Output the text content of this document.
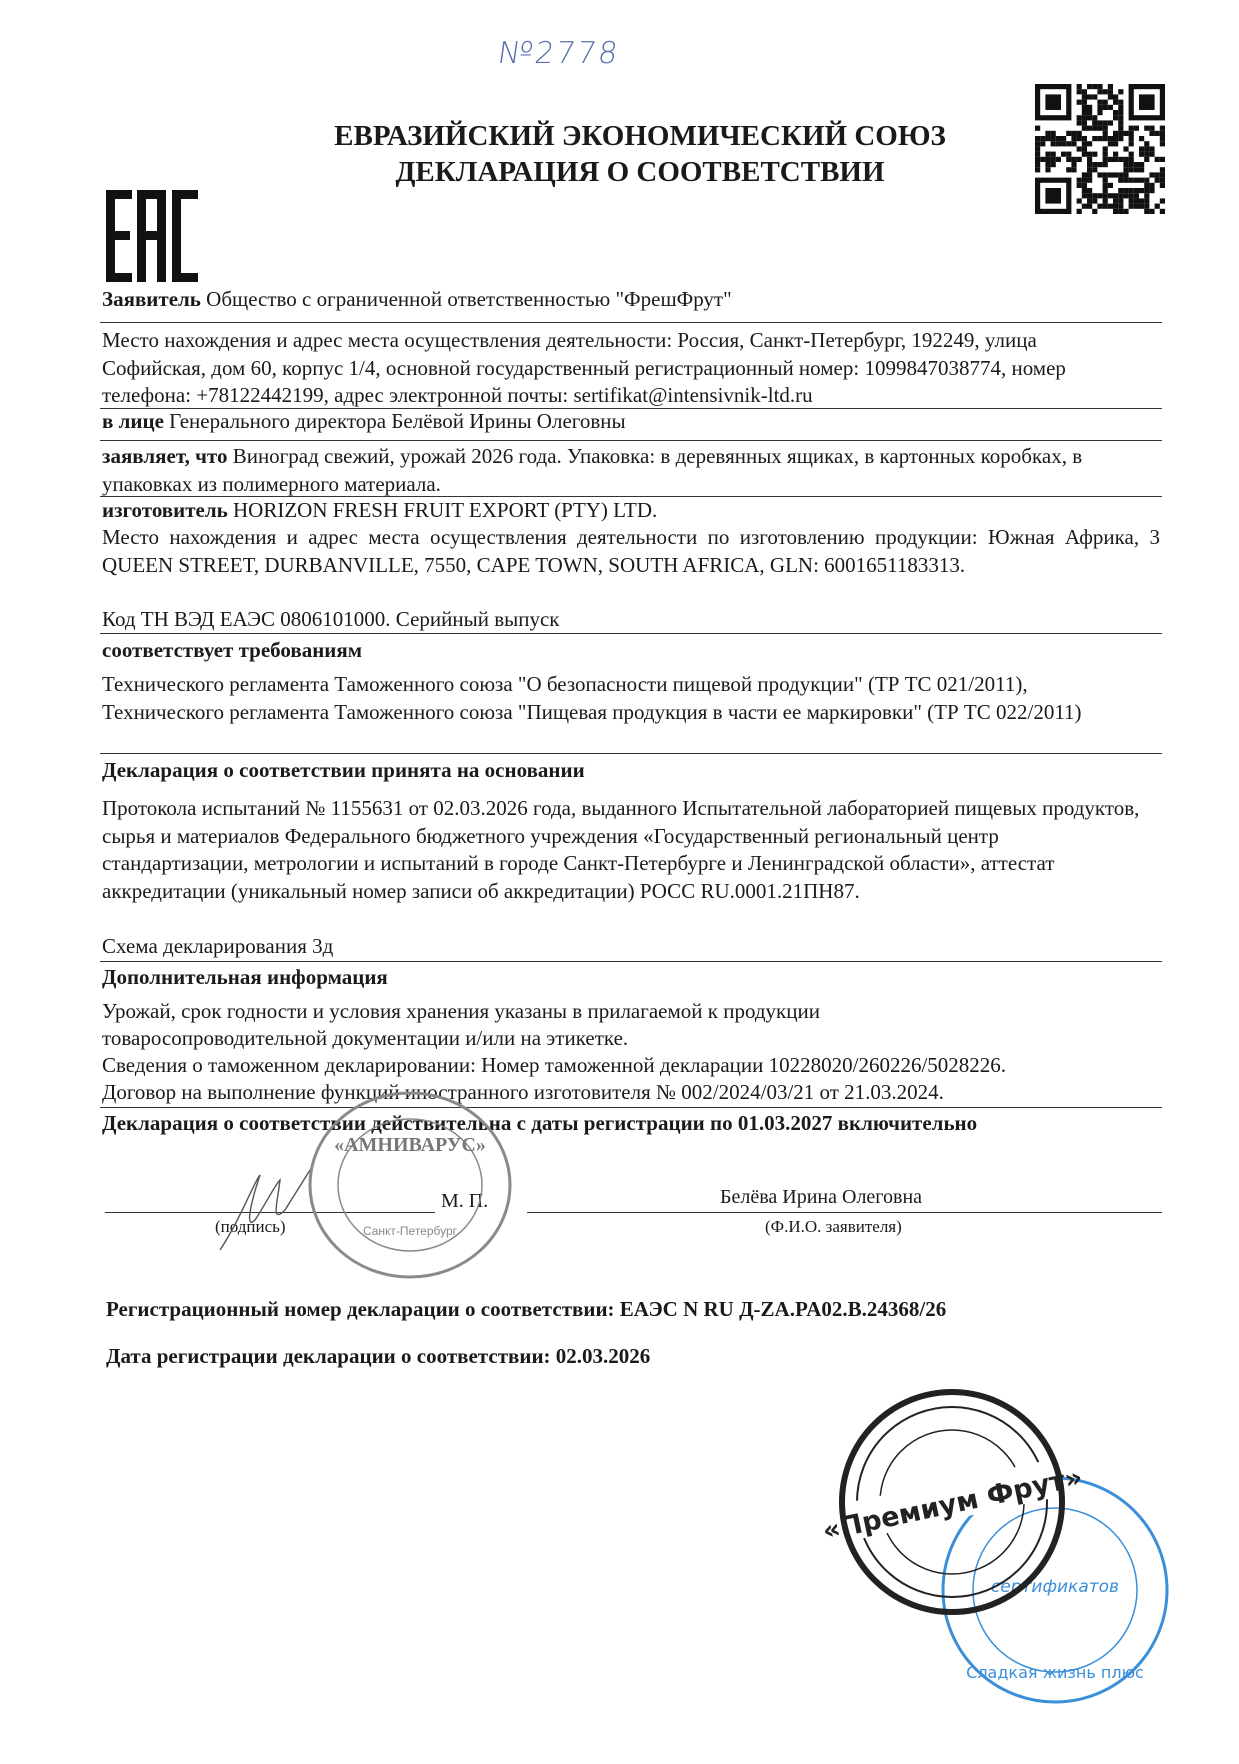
№2778
ЕВРАЗИЙСКИЙ ЭКОНОМИЧЕСКИЙ СОЮЗ
ДЕКЛАРАЦИЯ О СООТВЕТСТВИИ
Заявитель Общество с ограниченной ответственностью "ФрешФрут"
Место нахождения и адрес места осуществления деятельности: Россия, Санкт-Петербург, 192249, улица Софийская, дом 60, корпус 1/4, основной государственный регистрационный номер: 1099847038774, номер телефона: +78122442199, адрес электронной почты: sertifikat@intensivnik-ltd.ru
в лице Генерального директора Белёвой Ирины Олеговны
заявляет, что Виноград свежий, урожай 2026 года. Упаковка: в деревянных ящиках, в картонных коробках, в упаковках из полимерного материала.
изготовитель HORIZON FRESH FRUIT EXPORT (PTY) LTD.
Место нахождения и адрес места осуществления деятельности по изготовлению продукции: Южная Африка, 3 QUEEN STREET, DURBANVILLE, 7550, CAPE TOWN, SOUTH AFRICA, GLN: 6001651183313.
Код ТН ВЭД ЕАЭС 0806101000. Серийный выпуск
соответствует требованиям
Технического регламента Таможенного союза "О безопасности пищевой продукции" (ТР ТС 021/2011), Технического регламента Таможенного союза "Пищевая продукция в части ее маркировки" (ТР ТС 022/2011)
Декларация о соответствии принята на основании
Протокола испытаний № 1155631 от 02.03.2026 года, выданного Испытательной лабораторией пищевых продуктов, сырья и материалов Федерального бюджетного учреждения «Государственный региональный центр стандартизации, метрологии и испытаний в городе Санкт-Петербурге и Ленинградской области», аттестат аккредитации (уникальный номер записи об аккредитации) РОСС RU.0001.21ПН87.
Схема декларирования 3д
Дополнительная информация
Урожай, срок годности и условия хранения указаны в прилагаемой к продукции
товаросопроводительной документации и/или на этикетке.
Сведения о таможенном декларировании: Номер таможенной декларации 10228020/260226/5028226.
Договор на выполнение функций иностранного изготовителя № 002/2024/03/21 от 21.03.2024.
Декларация о соответствии действительна с даты регистрации по 01.03.2027 включительно
(подпись)
М. П.	Белёва Ирина Олеговна
(Ф.И.О. заявителя)
«АМНИВАРУС»
Санкт-Петербург
Регистрационный номер декларации о соответствии: ЕАЭС N RU Д-ZA.PA02.B.24368/26
Дата регистрации декларации о соответствии: 02.03.2026
сертификатов
Сладкая жизнь плюс
«Премиум Фрут»
